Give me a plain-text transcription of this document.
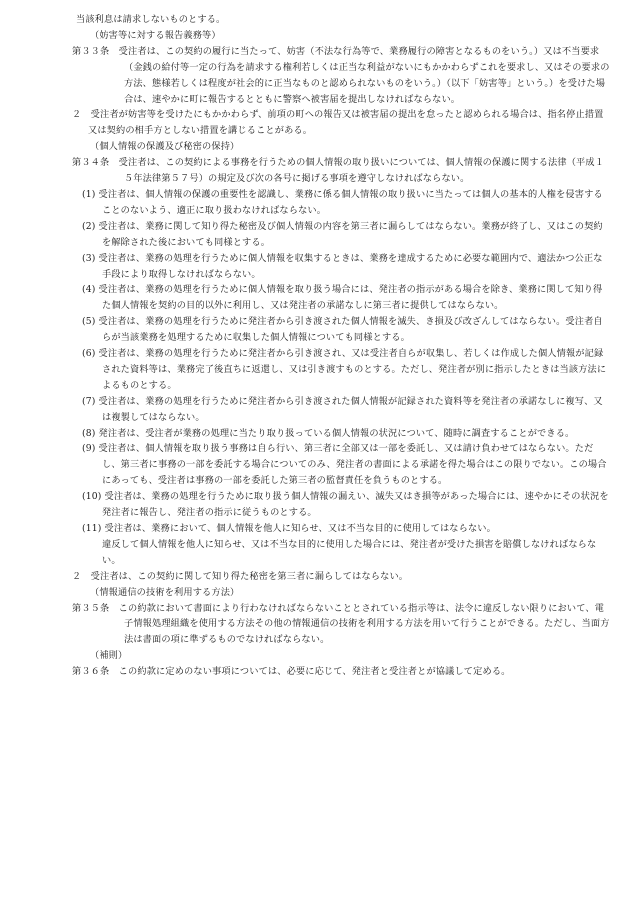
当該利息は請求しないものとする。

（妨害等に対する報告義務等）

第３３条　受注者は、この契約の履行に当たって、妨害（不法な行為等で、業務履行の障害となるものをいう。）又は不当要求（金銭の給付等一定の行為を請求する権利若しくは正当な利益がないにもかかわらずこれを要求し、又はその要求の方法、態様若しくは程度が社会的に正当なものと認められないものをいう。）（以下「妨害等」という。）を受けた場合は、速やかに町に報告するとともに警察へ被害届を提出しなければならない。

２　受注者が妨害等を受けたにもかかわらず、前項の町への報告又は被害届の提出を怠ったと認められる場合は、指名停止措置又は契約の相手方としない措置を講じることがある。

（個人情報の保護及び秘密の保持）

第３４条　受注者は、この契約による事務を行うための個人情報の取り扱いについては、個人情報の保護に関する法律（平成１５年法律第５７号）の規定及び次の各号に掲げる事項を遵守しなければならない。

(1) 受注者は、個人情報の保護の重要性を認識し、業務に係る個人情報の取り扱いに当たっては個人の基本的人権を侵害することのないよう、適正に取り扱わなければならない。

(2) 受注者は、業務に関して知り得た秘密及び個人情報の内容を第三者に漏らしてはならない。業務が終了し、又はこの契約を解除された後においても同様とする。

(3) 受注者は、業務の処理を行うために個人情報を収集するときは、業務を達成するために必要な範囲内で、適法かつ公正な手段により取得しなければならない。

(4) 受注者は、業務の処理を行うために個人情報を取り扱う場合には、発注者の指示がある場合を除き、業務に関して知り得た個人情報を契約の目的以外に利用し、又は発注者の承諾なしに第三者に提供してはならない。

(5) 受注者は、業務の処理を行うために発注者から引き渡された個人情報を滅失、き損及び改ざんしてはならない。受注者自らが当該業務を処理するために収集した個人情報についても同様とする。

(6) 受注者は、業務の処理を行うために発注者から引き渡され、又は受注者自らが収集し、若しくは作成した個人情報が記録された資料等は、業務完了後直ちに返還し、又は引き渡すものとする。ただし、発注者が別に指示したときは当該方法によるものとする。

(7) 受注者は、業務の処理を行うために発注者から引き渡された個人情報が記録された資料等を発注者の承諾なしに複写、又は複製してはならない。

(8) 発注者は、受注者が業務の処理に当たり取り扱っている個人情報の状況について、随時に調査することができる。

(9) 受注者は、個人情報を取り扱う事務は自ら行い、第三者に全部又は一部を委託し、又は請け負わせてはならない。ただし、第三者に事務の一部を委託する場合についてのみ、発注者の書面による承諾を得た場合はこの限りでない。この場合にあっても、受注者は事務の一部を委託した第三者の監督責任を負うものとする。

(10) 受注者は、業務の処理を行うために取り扱う個人情報の漏えい、滅失又はき損等があった場合には、速やかにその状況を発注者に報告し、発注者の指示に従うものとする。

(11) 受注者は、業務において、個人情報を他人に知らせ、又は不当な目的に使用してはならない。

違反して個人情報を他人に知らせ、又は不当な目的に使用した場合には、発注者が受けた損害を賠償しなければならない。

２　受注者は、この契約に関して知り得た秘密を第三者に漏らしてはならない。

（情報通信の技術を利用する方法）

第３５条　この約款において書面により行わなければならないこととされている指示等は、法令に違反しない限りにおいて、電子情報処理組織を使用する方法その他の情報通信の技術を利用する方法を用いて行うことができる。ただし、当面方法は書面の項に準ずるものでなければならない。

（補則）

第３６条　この約款に定めのない事項については、必要に応じて、発注者と受注者とが協議して定める。
